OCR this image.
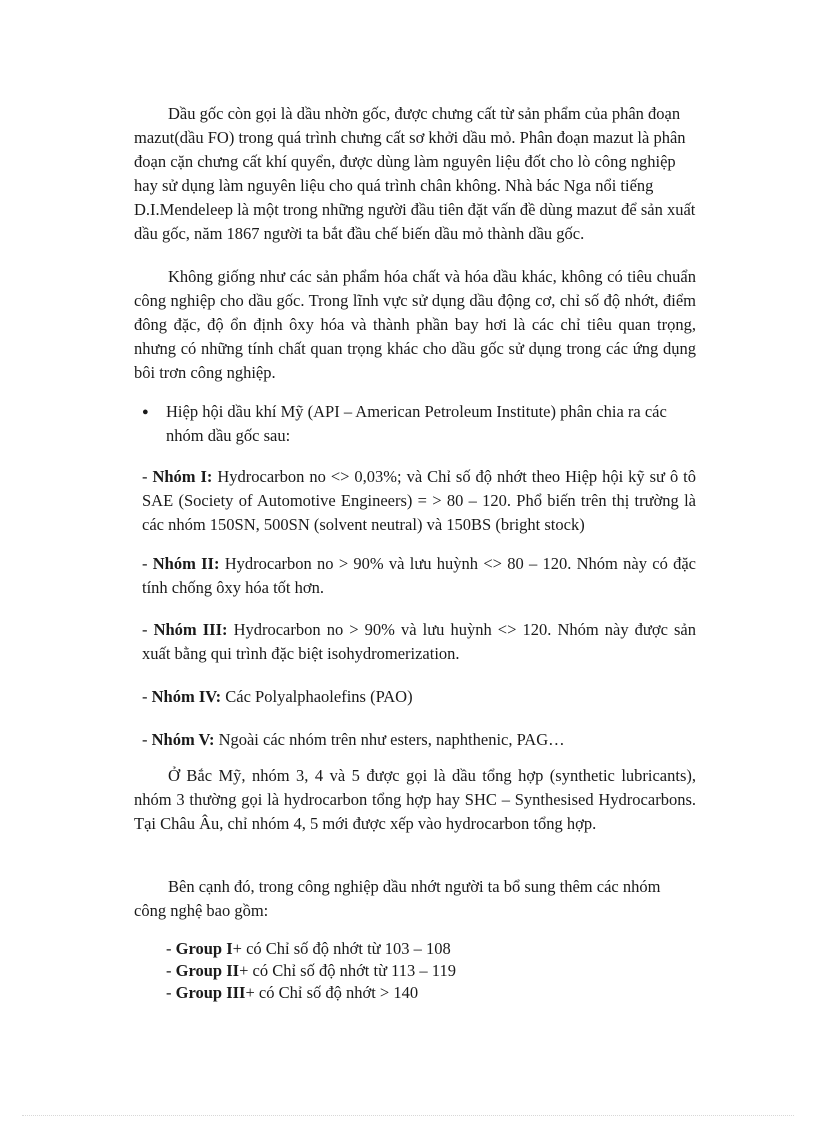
Dầu gốc còn gọi là dầu nhờn gốc, được chưng cất từ sản phẩm của phân đoạn mazut(dầu FO) trong quá trình chưng cất sơ khởi dầu mỏ. Phân đoạn mazut là phân đoạn cặn chưng cất khí quyển, được dùng làm nguyên liệu đốt cho lò công nghiệp hay sử dụng làm nguyên liệu cho quá trình chân không. Nhà bác Nga nổi tiếng D.I.Mendeleep là một trong những người đầu tiên đặt vấn đề dùng mazut để sản xuất dầu gốc, năm 1867 người ta bắt đầu chế biến dầu mỏ thành dầu gốc.

Không giống như các sản phẩm hóa chất và hóa dầu khác, không có tiêu chuẩn công nghiệp cho dầu gốc. Trong lĩnh vực sử dụng dầu động cơ, chỉ số độ nhớt, điểm đông đặc, độ ổn định ôxy hóa và thành phần bay hơi là các chỉ tiêu quan trọng, nhưng có những tính chất quan trọng khác cho dầu gốc sử dụng trong các ứng dụng bôi trơn công nghiệp.

● Hiệp hội dầu khí Mỹ (API – American Petroleum Institute) phân chia ra các nhóm dầu gốc sau:

- Nhóm I: Hydrocarbon no <> 0,03%; và Chỉ số độ nhớt theo Hiệp hội kỹ sư ô tô SAE (Society of Automotive Engineers) = > 80 – 120. Phổ biến trên thị trường là các nhóm 150SN, 500SN (solvent neutral) và 150BS (bright stock)

- Nhóm II: Hydrocarbon no > 90% và lưu huỳnh <> 80 – 120. Nhóm này có đặc tính chống ôxy hóa tốt hơn.

- Nhóm III: Hydrocarbon no > 90% và lưu huỳnh <> 120. Nhóm này được sản xuất bằng qui trình đặc biệt isohydromerization.

- Nhóm IV: Các Polyalphaolefins (PAO)

- Nhóm V: Ngoài các nhóm trên như esters, naphthenic, PAG…

Ở Bắc Mỹ, nhóm 3, 4 và 5 được gọi là dầu tổng hợp (synthetic lubricants), nhóm 3 thường gọi là hydrocarbon tổng hợp hay SHC – Synthesised Hydrocarbons. Tại Châu Âu, chỉ nhóm 4, 5 mới được xếp vào hydrocarbon tổng hợp.

Bên cạnh đó, trong công nghiệp dầu nhớt người ta bổ sung thêm các nhóm công nghệ bao gồm:

- Group I+ có Chỉ số độ nhớt từ 103 – 108

- Group II+ có Chỉ số độ nhớt từ 113 – 119

- Group III+ có Chỉ số độ nhớt > 140
